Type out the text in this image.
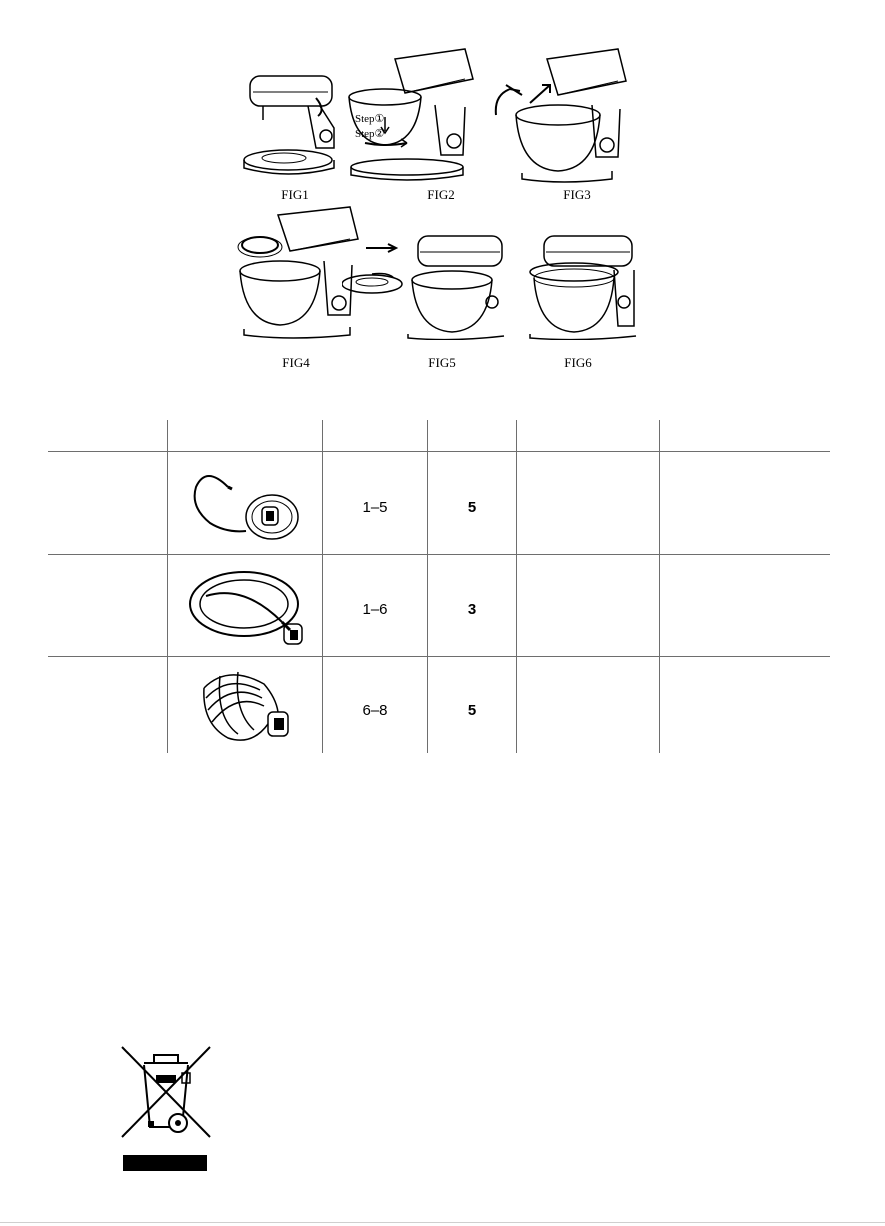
FIG1
Step①
Step②
FIG2	FIG3
FIG4	FIG5	FIG6
1–5	5
1–6	3
6–8	5
